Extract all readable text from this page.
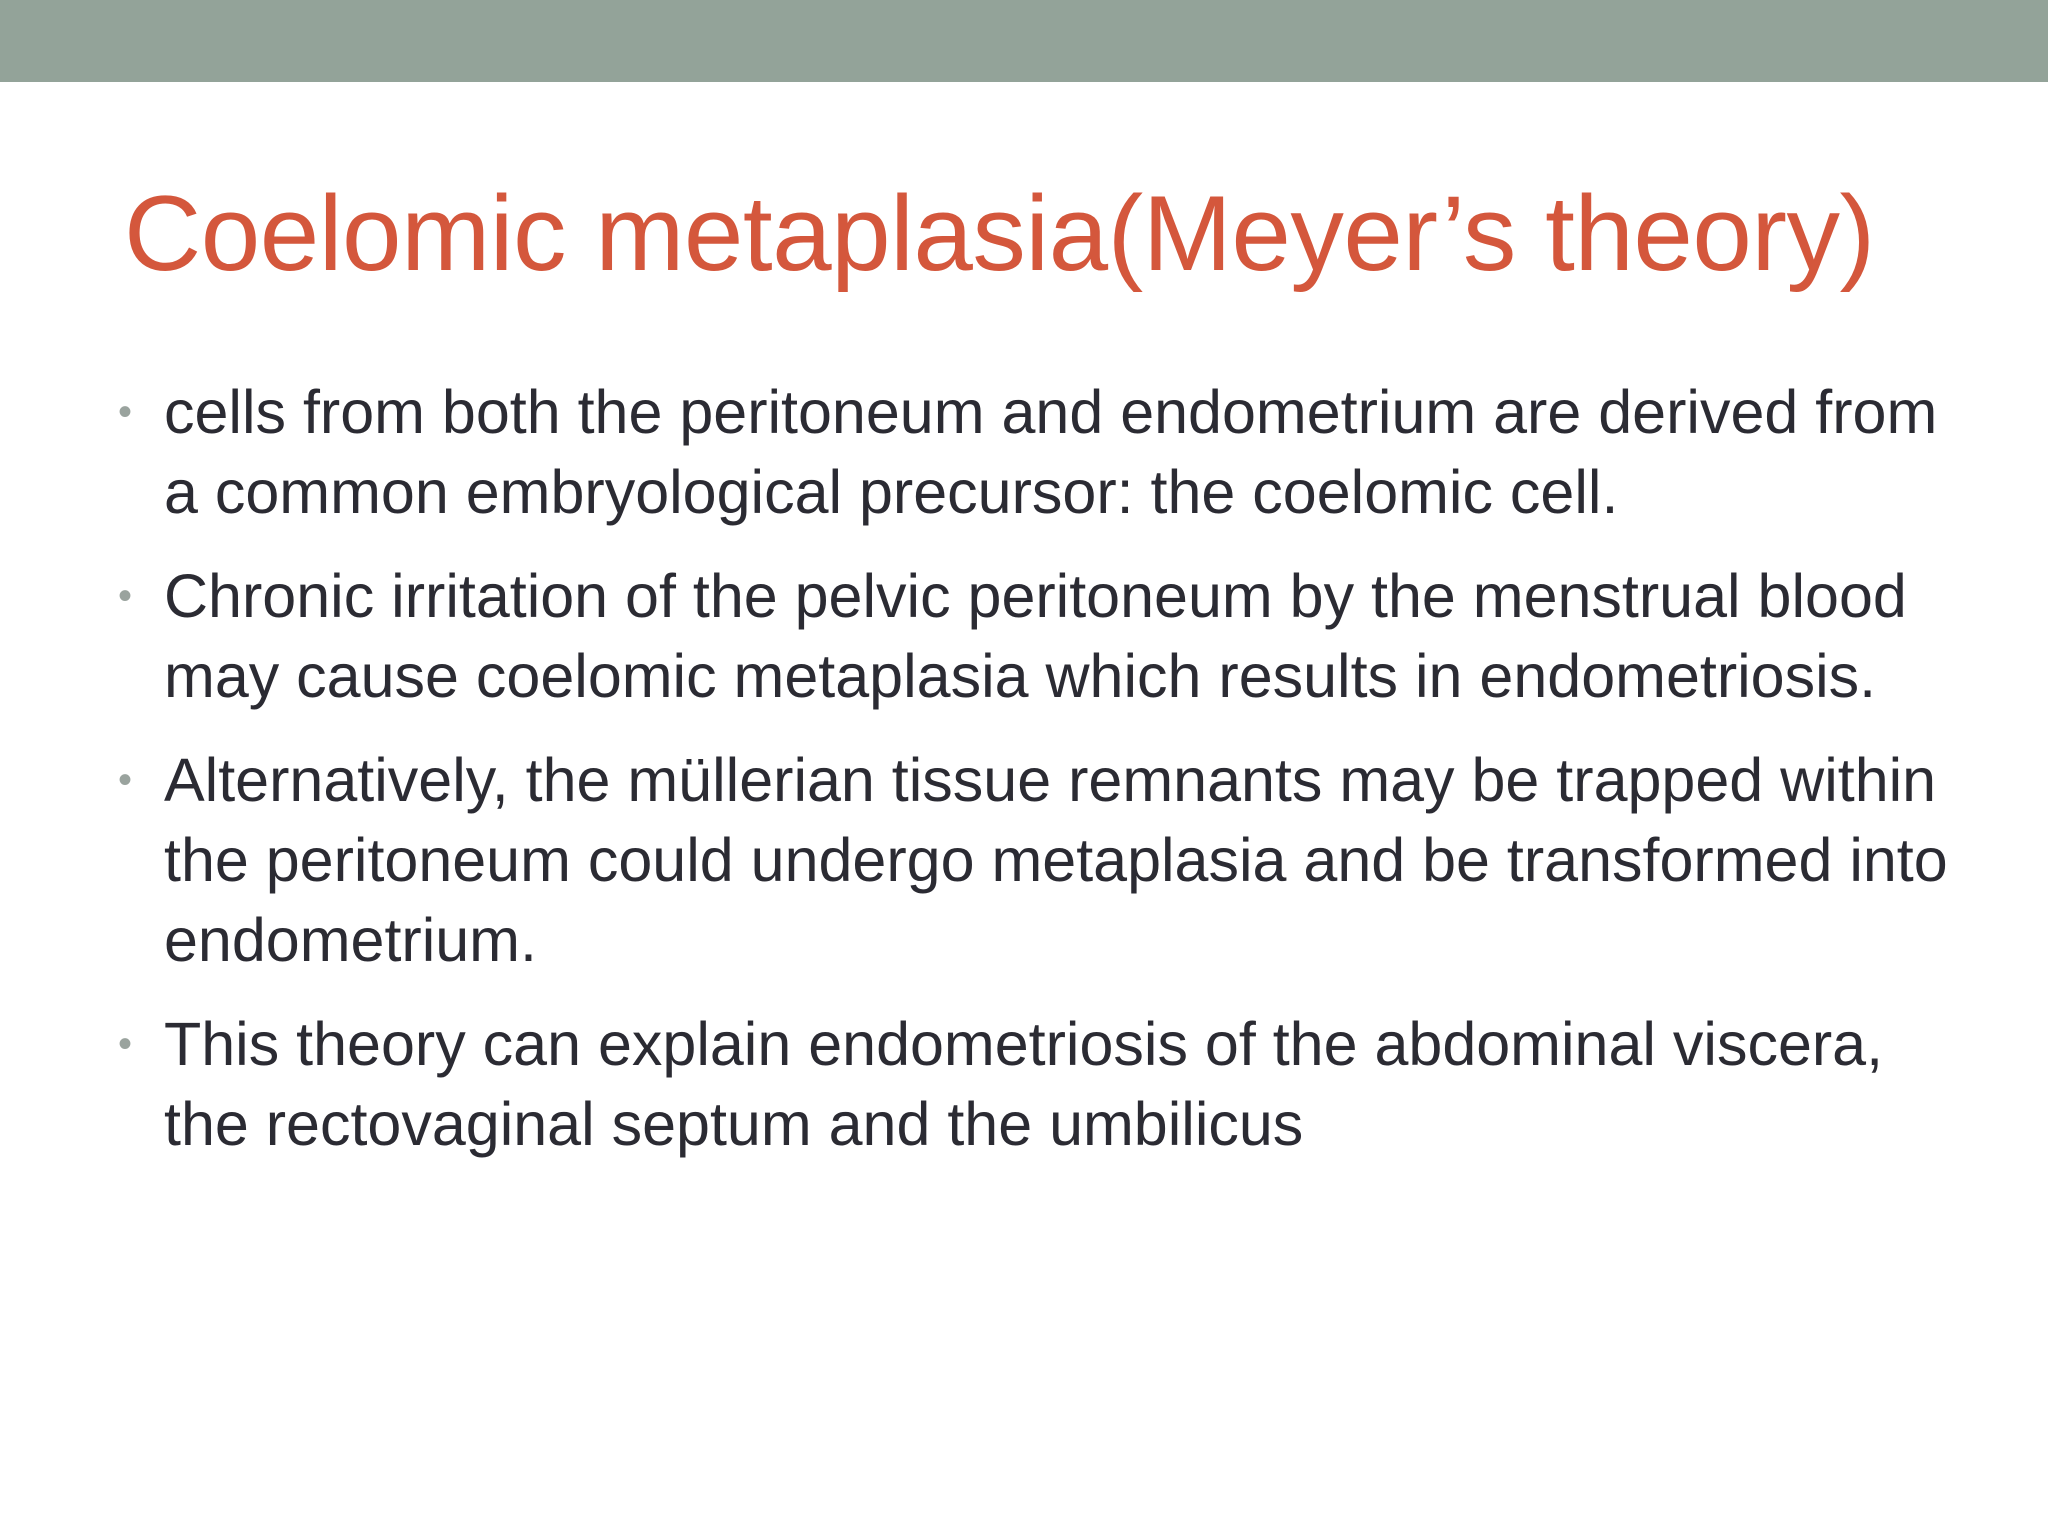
Coelomic metaplasia(Meyer’s theory)
• cells from both the peritoneum and endometrium are derived from a common embryological precursor: the coelomic cell.
• Chronic irritation of the pelvic peritoneum by the menstrual blood may cause coelomic metaplasia which results in endometriosis.
• Alternatively, the müllerian tissue remnants may be trapped within the peritoneum could undergo metaplasia and be transformed into endometrium.
• This theory can explain endometriosis of the abdominal viscera, the rectovaginal septum and the umbilicus
